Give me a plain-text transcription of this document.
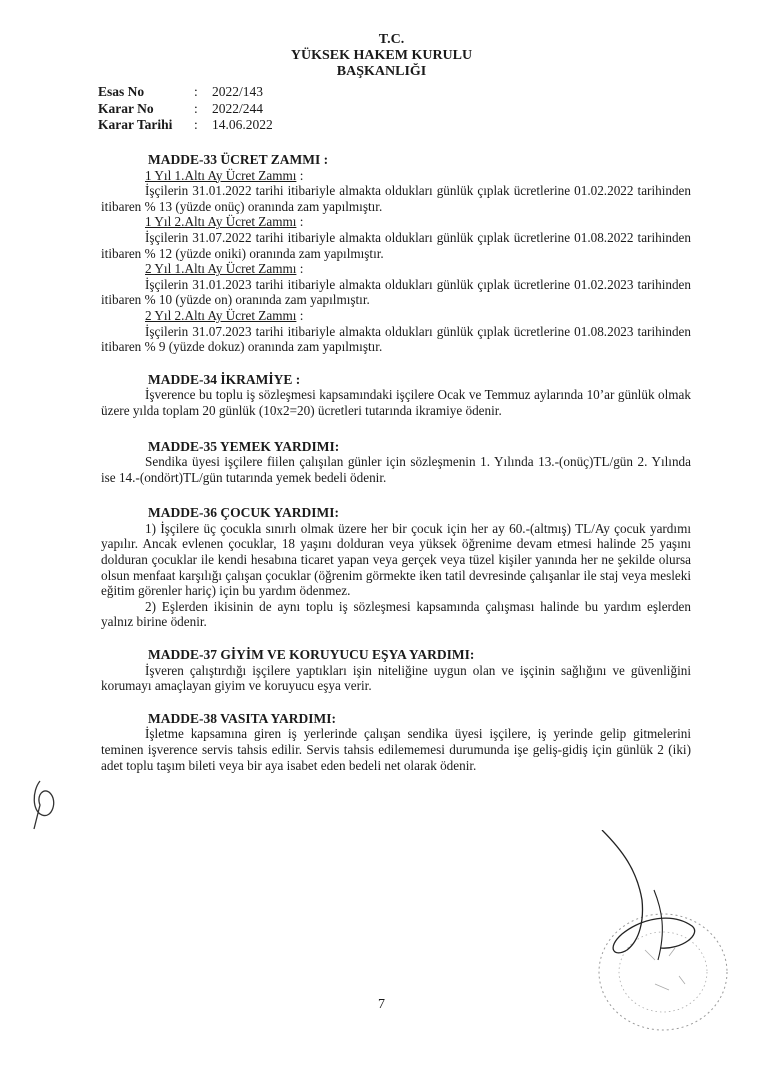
T.C.
YÜKSEK HAKEM KURULU
BAŞKANLIĞI
Esas No	:	2022/143
Karar No	:	2022/244
Karar Tarihi	:	14.06.2022
MADDE-33 ÜCRET ZAMMI :
1 Yıl 1.Altı Ay Ücret Zammı :
İşçilerin 31.01.2022 tarihi itibariyle almakta oldukları günlük çıplak ücretlerine 01.02.2022 tarihinden itibaren % 13 (yüzde onüç) oranında zam yapılmıştır.
1 Yıl 2.Altı Ay Ücret Zammı :
İşçilerin 31.07.2022 tarihi itibariyle almakta oldukları günlük çıplak ücretlerine 01.08.2022 tarihinden itibaren % 12 (yüzde oniki) oranında zam yapılmıştır.
2 Yıl 1.Altı Ay Ücret Zammı :
İşçilerin 31.01.2023 tarihi itibariyle almakta oldukları günlük çıplak ücretlerine 01.02.2023 tarihinden itibaren % 10 (yüzde on) oranında zam yapılmıştır.
2 Yıl 2.Altı Ay Ücret Zammı :
İşçilerin 31.07.2023 tarihi itibariyle almakta oldukları günlük çıplak ücretlerine 01.08.2023 tarihinden itibaren % 9 (yüzde dokuz) oranında zam yapılmıştır.
MADDE-34 İKRAMİYE :
İşverence bu toplu iş sözleşmesi kapsamındaki işçilere Ocak ve Temmuz aylarında 10’ar günlük olmak üzere yılda toplam 20 günlük (10x2=20) ücretleri tutarında ikramiye ödenir.
MADDE-35 YEMEK YARDIMI:
Sendika üyesi işçilere fiilen çalışılan günler için sözleşmenin 1. Yılında 13.-(onüç)TL/gün 2. Yılında ise 14.-(ondört)TL/gün tutarında yemek bedeli ödenir.
MADDE-36 ÇOCUK YARDIMI:
1) İşçilere üç çocukla sınırlı olmak üzere her bir çocuk için her ay 60.-(altmış) TL/Ay çocuk yardımı yapılır. Ancak evlenen çocuklar, 18 yaşını dolduran veya yüksek öğrenime devam etmesi halinde 25 yaşını dolduran çocuklar ile kendi hesabına ticaret yapan veya gerçek veya tüzel kişiler yanında her ne şekilde olursa olsun menfaat karşılığı çalışan çocuklar (öğrenim görmekte iken tatil devresinde çalışanlar ile staj veya mesleki eğitim görenler hariç) için bu yardım ödenmez.
2) Eşlerden ikisinin de aynı toplu iş sözleşmesi kapsamında çalışması halinde bu yardım eşlerden yalnız birine ödenir.
MADDE-37 GİYİM VE KORUYUCU EŞYA YARDIMI:
İşveren çalıştırdığı işçilere yaptıkları işin niteliğine uygun olan ve işçinin sağlığını ve güvenliğini korumayı amaçlayan giyim ve koruyucu eşya verir.
MADDE-38 VASITA YARDIMI:
İşletme kapsamına giren iş yerlerinde çalışan sendika üyesi işçilere, iş yerinde gelip gitmelerini teminen işverence servis tahsis edilir. Servis tahsis edilememesi durumunda işe geliş-gidiş için günlük 2 (iki) adet toplu taşım bileti veya bir aya isabet eden bedeli net olarak ödenir.
7
